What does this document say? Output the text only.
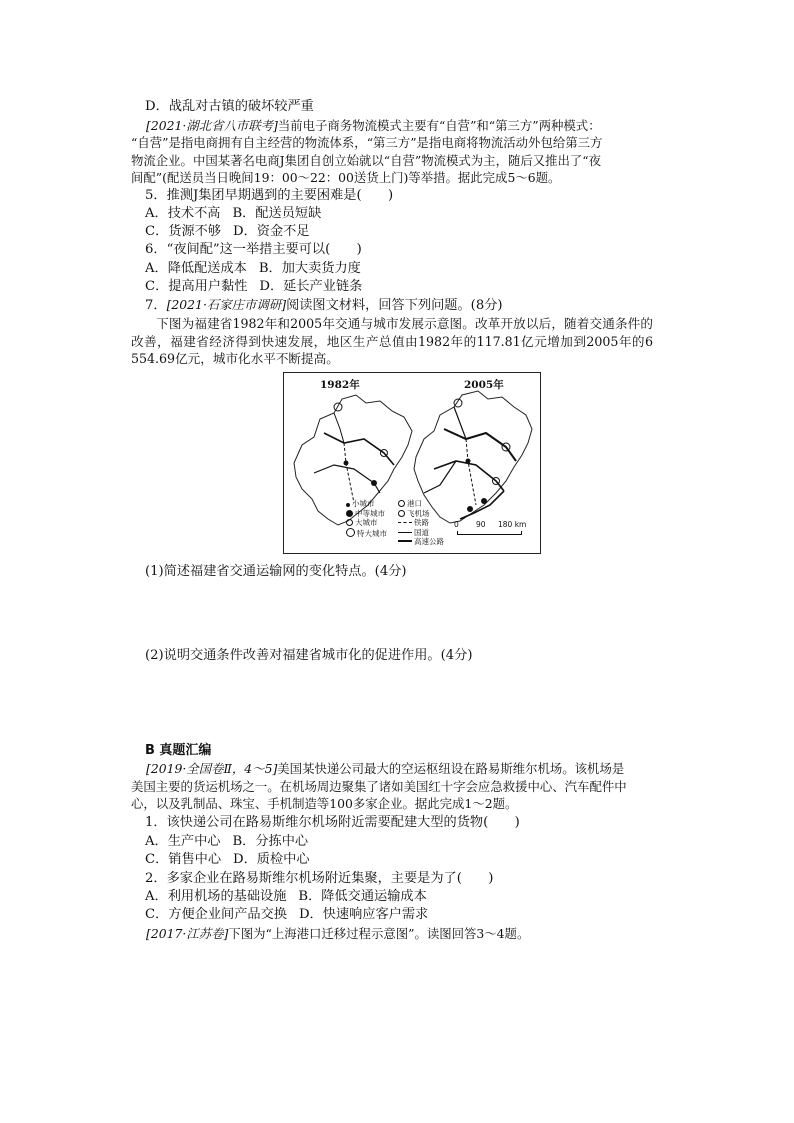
D．战乱对古镇的破坏较严重
[2021·湖北省八市联考]当前电子商务物流模式主要有“自营”和“第三方”两种模式：
“自营”是指电商拥有自主经营的物流体系，“第三方”是指电商将物流活动外包给第三方
物流企业。中国某著名电商J集团自创立始就以“自营”物流模式为主，随后又推出了“夜
间配”(配送员当日晚间19：00～22：00送货上门)等举措。据此完成5～6题。
5．推测J集团早期遇到的主要困难是(　　)
A．技术不高 B．配送员短缺
C．货源不够 D．资金不足
6．“夜间配”这一举措主要可以(　　)
A．降低配送成本 B．加大卖货力度
C．提高用户黏性 D．延长产业链条
7．[2021·石家庄市调研]阅读图文材料，回答下列问题。(8分)

下图为福建省1982年和2005年交通与城市发展示意图。改革开放以后，随着交通条件的改善，福建省经济得到快速发展，地区生产总值由1982年的117.81亿元增加到2005年的6 554.69亿元，城市化水平不断提高。

1982年	2005年
小城市
中等城市
大城市
特大城市
港口
飞机场
铁路
国道
高速公路
0 90 180 km
(1)简述福建省交通运输网的变化特点。(4分)
(2)说明交通条件改善对福建省城市化的促进作用。(4分)
B 真题汇编
[2019·全国卷Ⅱ，4～5]美国某快递公司最大的空运枢纽设在路易斯维尔机场。该机场是
美国主要的货运机场之一。在机场周边聚集了诸如美国红十字会应急救援中心、汽车配件中
心，以及乳制品、珠宝、手机制造等100多家企业。据此完成1～2题。
1．该快递公司在路易斯维尔机场附近需要配建大型的货物(　　)
A．生产中心 B．分拣中心
C．销售中心 D．质检中心
2．多家企业在路易斯维尔机场附近集聚，主要是为了(　　)
A．利用机场的基础设施 B．降低交通运输成本
C．方便企业间产品交换 D．快速响应客户需求
[2017·江苏卷]下图为“上海港口迁移过程示意图”。读图回答3～4题。
